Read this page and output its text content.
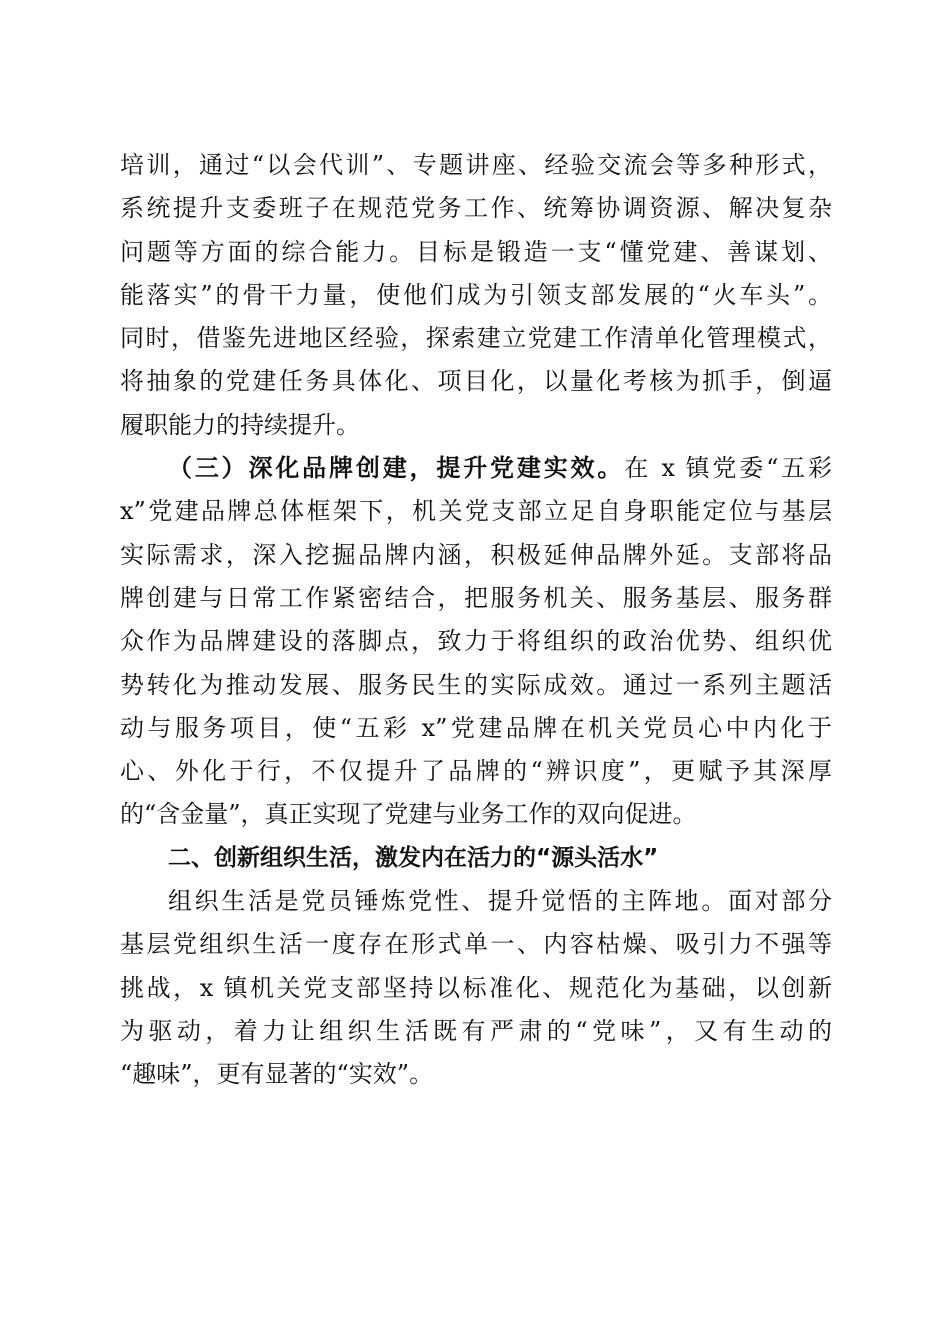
培训，通过“以会代训”、专题讲座、经验交流会等多种形式，
系统提升支委班子在规范党务工作、统筹协调资源、解决复杂
问题等方面的综合能力。目标是锻造一支“懂党建、善谋划、
能落实”的骨干力量，使他们成为引领支部发展的“火车头”。
同时，借鉴先进地区经验，探索建立党建工作清单化管理模式，
将抽象的党建任务具体化、项目化，以量化考核为抓手，倒逼
履职能力的持续提升。
（三）深化品牌创建，提升党建实效。在 x 镇党委“五彩
x”党建品牌总体框架下，机关党支部立足自身职能定位与基层
实际需求，深入挖掘品牌内涵，积极延伸品牌外延。支部将品
牌创建与日常工作紧密结合，把服务机关、服务基层、服务群
众作为品牌建设的落脚点，致力于将组织的政治优势、组织优
势转化为推动发展、服务民生的实际成效。通过一系列主题活
动与服务项目，使“五彩 x”党建品牌在机关党员心中内化于
心、外化于行，不仅提升了品牌的“辨识度”，更赋予其深厚
的“含金量”，真正实现了党建与业务工作的双向促进。
二、创新组织生活，激发内在活力的“源头活水”
组织生活是党员锤炼党性、提升觉悟的主阵地。面对部分
基层党组织生活一度存在形式单一、内容枯燥、吸引力不强等
挑战，x 镇机关党支部坚持以标准化、规范化为基础，以创新
为驱动，着力让组织生活既有严肃的“党味”，又有生动的
“趣味”，更有显著的“实效”。
